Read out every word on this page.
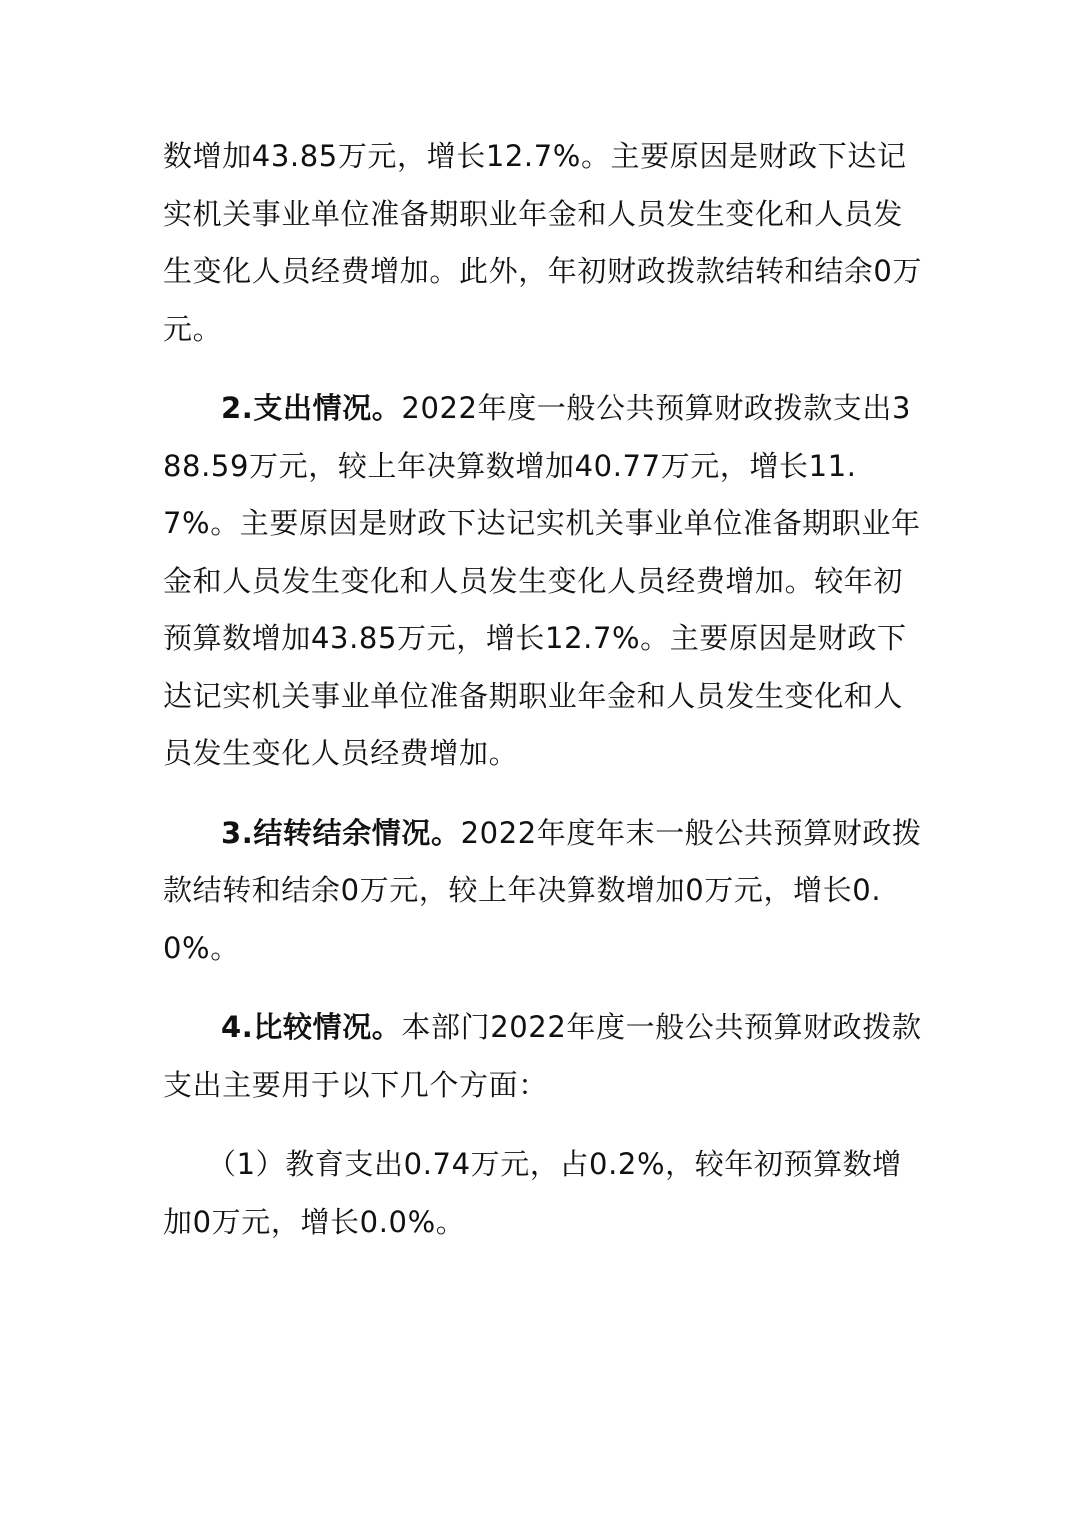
数增加43.85万元，增长12.7%。主要原因是财政下达记实机关事业单位准备期职业年金和人员发生变化和人员发生变化人员经费增加。此外，年初财政拨款结转和结余0万元。

2.支出情况。2022年度一般公共预算财政拨款支出388.59万元，较上年决算数增加40.77万元，增长11.7%。主要原因是财政下达记实机关事业单位准备期职业年金和人员发生变化和人员发生变化人员经费增加。较年初预算数增加43.85万元，增长12.7%。主要原因是财政下达记实机关事业单位准备期职业年金和人员发生变化和人员发生变化人员经费增加。

3.结转结余情况。2022年度年末一般公共预算财政拨款结转和结余0万元，较上年决算数增加0万元，增长0.0%。

4.比较情况。本部门2022年度一般公共预算财政拨款支出主要用于以下几个方面：

（1）教育支出0.74万元，占0.2%，较年初预算数增加0万元，增长0.0%。
